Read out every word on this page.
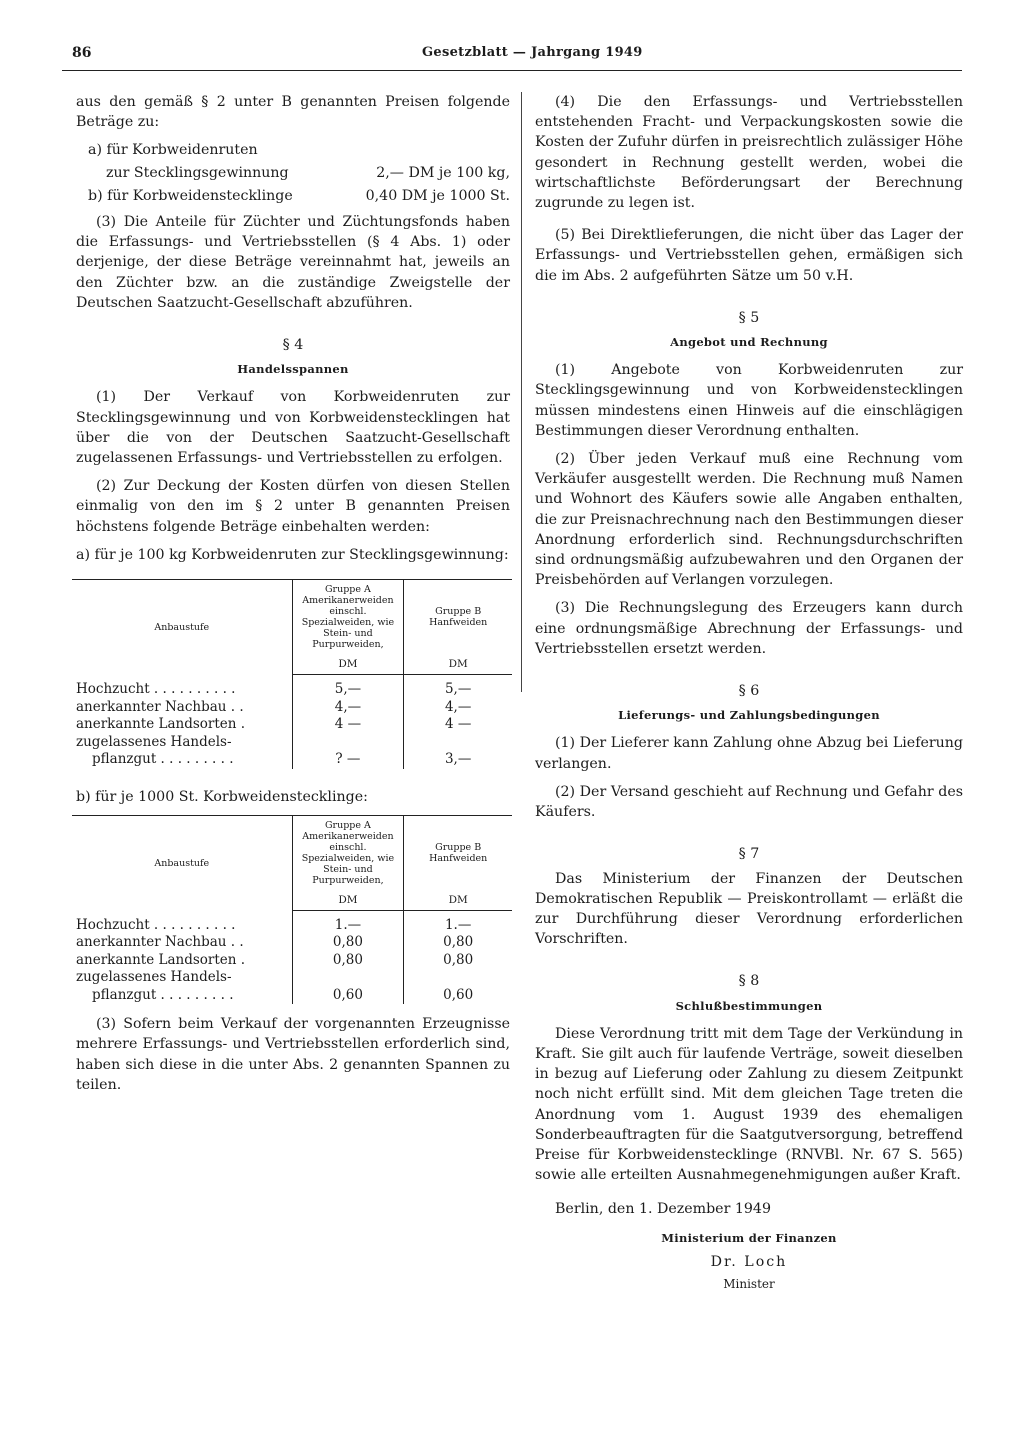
86	Gesetzblatt — Jahrgang 1949

aus den gemäß § 2 unter B genannten Preisen folgende Beträge zu:

a) für Korbweidenruten
zur Stecklingsgewinnung	2,— DM je 100 kg,
b) für Korbweidenstecklinge	0,40 DM je 1000 St.

(3) Die Anteile für Züchter und Züchtungsfonds haben die Erfassungs- und Vertriebsstellen (§ 4 Abs. 1) oder derjenige, der diese Beträge vereinnahmt hat, jeweils an den Züchter bzw. an die zuständige Zweigstelle der Deutschen Saatzucht-Gesellschaft abzuführen.

§ 4
Handelsspannen

(1) Der Verkauf von Korbweidenruten zur Stecklingsgewinnung und von Korbweidenstecklingen hat über die von der Deutschen Saatzucht-Gesellschaft zugelassenen Erfassungs- und Vertriebsstellen zu erfolgen.

(2) Zur Deckung der Kosten dürfen von diesen Stellen einmalig von den im § 2 unter B genannten Preisen höchstens folgende Beträge einbehalten werden:

a) für je 100 kg Korbweidenruten zur Stecklingsgewinnung:

Anbaustufe	Gruppe A Amerikanerweiden einschl. Spezialweiden, wie Stein- und Purpurweiden,	Gruppe B Hanfweiden
	DM	DM
Hochzucht . . . . . . . . . .	5,—	5,—
anerkannter Nachbau . .	4,—	4,—
anerkannte Landsorten .	4 —	4 —
zugelassenes Handels-		
pflanzgut . . . . . . . . .	? —	3,—

b) für je 1000 St. Korbweidenstecklinge:

Anbaustufe	Gruppe A Amerikanerweiden einschl. Spezialweiden, wie Stein- und Purpurweiden,	Gruppe B Hanfweiden
	DM	DM
Hochzucht . . . . . . . . . .	1.—	1.—
anerkannter Nachbau . .	0,80	0,80
anerkannte Landsorten .	0,80	0,80
zugelassenes Handels-		
pflanzgut . . . . . . . . .	0,60	0,60

(3) Sofern beim Verkauf der vorgenannten Erzeugnisse mehrere Erfassungs- und Vertriebsstellen erforderlich sind, haben sich diese in die unter Abs. 2 genannten Spannen zu teilen.

(4) Die den Erfassungs- und Vertriebsstellen entstehenden Fracht- und Verpackungskosten sowie die Kosten der Zufuhr dürfen in preisrechtlich zulässiger Höhe gesondert in Rechnung gestellt werden, wobei die wirtschaftlichste Beförderungsart der Berechnung zugrunde zu legen ist.

(5) Bei Direktlieferungen, die nicht über das Lager der Erfassungs- und Vertriebsstellen gehen, ermäßigen sich die im Abs. 2 aufgeführten Sätze um 50 v.H.

§ 5
Angebot und Rechnung

(1) Angebote von Korbweidenruten zur Stecklingsgewinnung und von Korbweidenstecklingen müssen mindestens einen Hinweis auf die einschlägigen Bestimmungen dieser Verordnung enthalten.

(2) Über jeden Verkauf muß eine Rechnung vom Verkäufer ausgestellt werden. Die Rechnung muß Namen und Wohnort des Käufers sowie alle Angaben enthalten, die zur Preisnachrechnung nach den Bestimmungen dieser Anordnung erforderlich sind. Rechnungsdurchschriften sind ordnungsmäßig aufzubewahren und den Organen der Preisbehörden auf Verlangen vorzulegen.

(3) Die Rechnungslegung des Erzeugers kann durch eine ordnungsmäßige Abrechnung der Erfassungs- und Vertriebsstellen ersetzt werden.

§ 6
Lieferungs- und Zahlungsbedingungen

(1) Der Lieferer kann Zahlung ohne Abzug bei Lieferung verlangen.

(2) Der Versand geschieht auf Rechnung und Gefahr des Käufers.

§ 7

Das Ministerium der Finanzen der Deutschen Demokratischen Republik — Preiskontrollamt — erläßt die zur Durchführung dieser Verordnung erforderlichen Vorschriften.

§ 8
Schlußbestimmungen

Diese Verordnung tritt mit dem Tage der Verkündung in Kraft. Sie gilt auch für laufende Verträge, soweit dieselben in bezug auf Lieferung oder Zahlung zu diesem Zeitpunkt noch nicht erfüllt sind. Mit dem gleichen Tage treten die Anordnung vom 1. August 1939 des ehemaligen Sonderbeauftragten für die Saatgutversorgung, betreffend Preise für Korbweidenstecklinge (RNVBl. Nr. 67 S. 565) sowie alle erteilten Ausnahmegenehmigungen außer Kraft.

Berlin, den 1. Dezember 1949

Ministerium der Finanzen
Dr. Loch
Minister
